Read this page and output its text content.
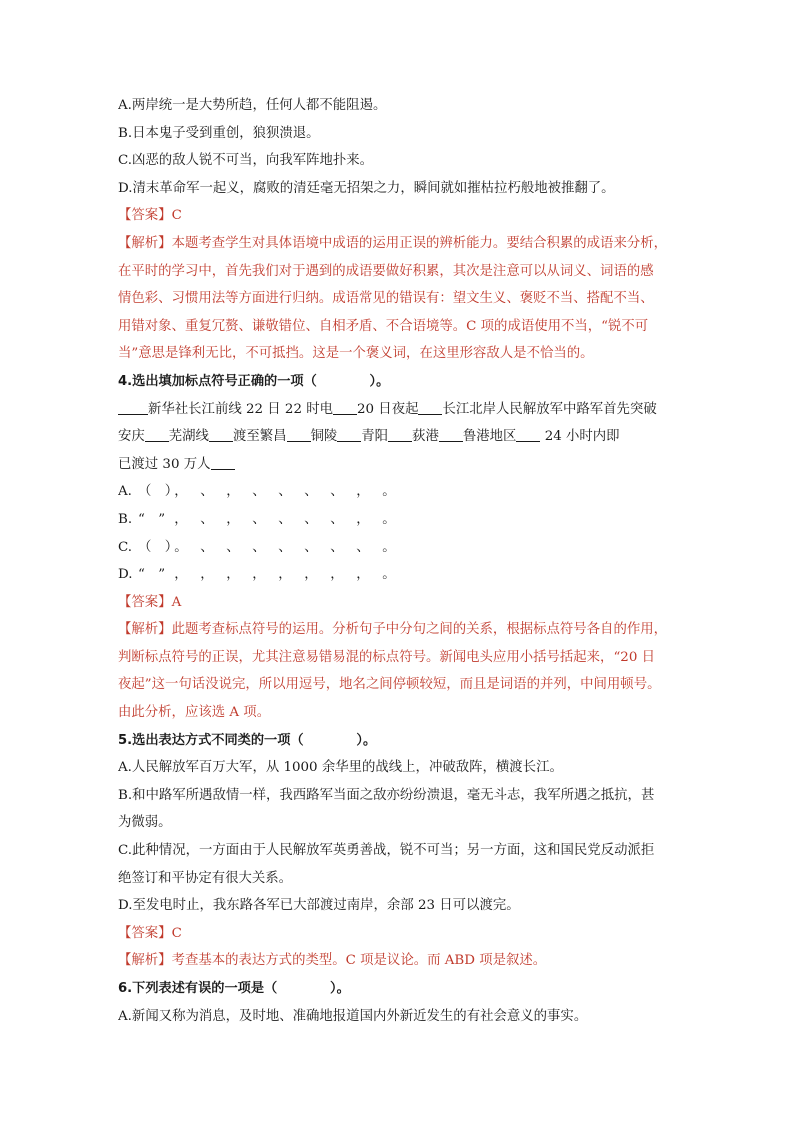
A.两岸统一是大势所趋，任何人都不能阻遏。
B.日本鬼子受到重创，狼狈溃退。
C.凶恶的敌人锐不可当，向我军阵地扑来。
D.清末革命军一起义，腐败的清廷毫无招架之力，瞬间就如摧枯拉朽般地被推翻了。
【答案】C
【解析】本题考查学生对具体语境中成语的运用正误的辨析能力。要结合积累的成语来分析，
在平时的学习中，首先我们对于遇到的成语要做好积累，其次是注意可以从词义、词语的感
情色彩、习惯用法等方面进行归纳。成语常见的错误有：望文生义、褒贬不当、搭配不当、
用错对象、重复冗赘、谦敬错位、自相矛盾、不合语境等。C 项的成语使用不当，“锐不可
当”意思是锋利无比，不可抵挡。这是一个褒义词，在这里形容敌人是不恰当的。
4.选出填加标点符号正确的一项（　　　　）。
新华社长江前线 22 日 22 时电 20 日夜起 长江北岸人民解放军中路军首先突破
安庆 芜湖线 渡至繁昌 铜陵 青阳 荻港 鲁港地区 24 小时内即
已渡过 30 万人
A. （　）， 、 ， 、 、 、 、 ， 。
B. “　” ， 、 ， 、 、 、 、 ， 。
C. （　）。 、 、 、 、 、 、 、 。
D. “　” ， ， ， ， ， ， ， ， 。
【答案】A
【解析】此题考查标点符号的运用。分析句子中分句之间的关系，根据标点符号各自的作用，
判断标点符号的正误，尤其注意易错易混的标点符号。新闻电头应用小括号括起来，“20 日
夜起”这一句话没说完，所以用逗号，地名之间停顿较短，而且是词语的并列，中间用顿号。
由此分析，应该选 A 项。
5.选出表达方式不同类的一项（　　　　）。
A.人民解放军百万大军，从 1000 余华里的战线上，冲破敌阵，横渡长江。
B.和中路军所遇敌情一样，我西路军当面之敌亦纷纷溃退，毫无斗志，我军所遇之抵抗，甚
为微弱。
C.此种情况，一方面由于人民解放军英勇善战，锐不可当；另一方面，这和国民党反动派拒
绝签订和平协定有很大关系。
D.至发电时止，我东路各军已大部渡过南岸，余部 23 日可以渡完。
【答案】C
【解析】考查基本的表达方式的类型。C 项是议论。而 ABD 项是叙述。
6.下列表述有误的一项是（　　　　）。
A.新闻又称为消息，及时地、准确地报道国内外新近发生的有社会意义的事实。
